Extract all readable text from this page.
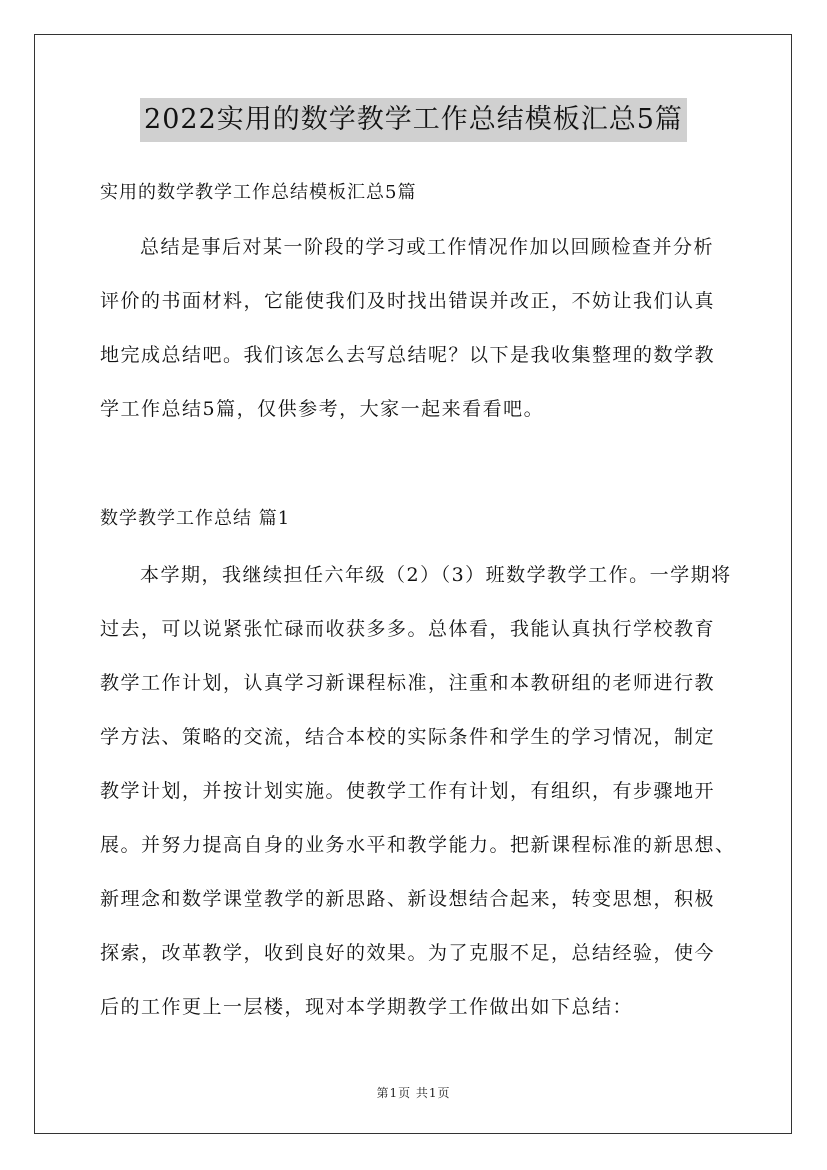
2022实用的数学教学工作总结模板汇总5篇
实用的数学教学工作总结模板汇总5篇
总结是事后对某一阶段的学习或工作情况作加以回顾检查并分析
评价的书面材料，它能使我们及时找出错误并改正，不妨让我们认真
地完成总结吧。我们该怎么去写总结呢？以下是我收集整理的数学教
学工作总结5篇，仅供参考，大家一起来看看吧。
数学教学工作总结 篇1
本学期，我继续担任六年级（2）（3）班数学教学工作。一学期将
过去，可以说紧张忙碌而收获多多。总体看，我能认真执行学校教育
教学工作计划，认真学习新课程标准，注重和本教研组的老师进行教
学方法、策略的交流，结合本校的实际条件和学生的学习情况，制定
教学计划，并按计划实施。使教学工作有计划，有组织，有步骤地开
展。并努力提高自身的业务水平和教学能力。把新课程标准的新思想、
新理念和数学课堂教学的新思路、新设想结合起来，转变思想，积极
探索，改革教学，收到良好的效果。为了克服不足，总结经验，使今
后的工作更上一层楼，现对本学期教学工作做出如下总结：
第1页 共1页
